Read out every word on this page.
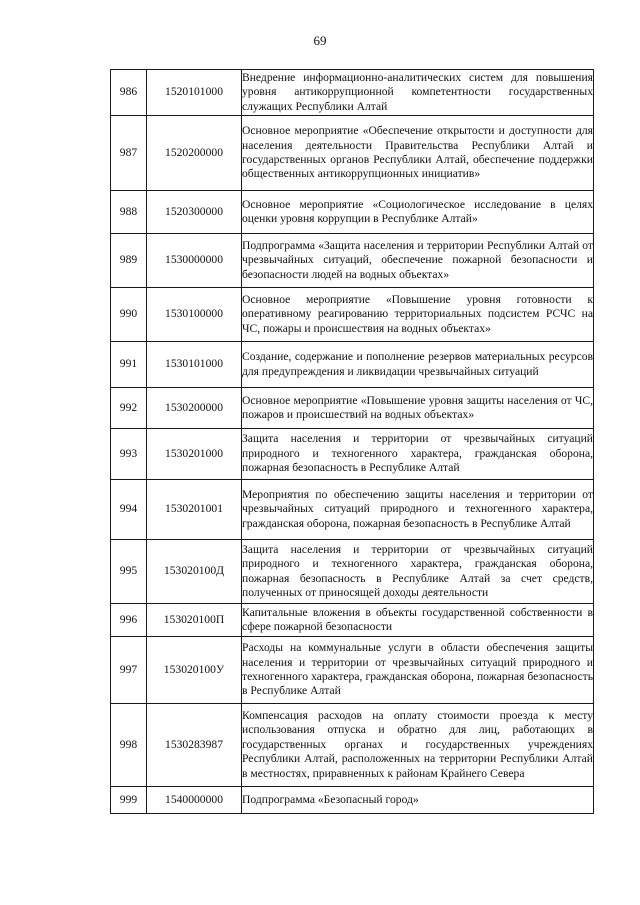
69
986	1520101000	Внедрение информационно-аналитических систем для повышения уровня антикоррупционной компетентности государственных служащих Республики Алтай
987	1520200000	Основное мероприятие «Обеспечение открытости и доступности для населения деятельности Правительства Республики Алтай и государственных органов Республики Алтай, обеспечение поддержки общественных антикоррупционных инициатив»
988	1520300000	Основное мероприятие «Социологическое исследование в целях оценки уровня коррупции в Республике Алтай»
989	1530000000	Подпрограмма «Защита населения и территории Республики Алтай от чрезвычайных ситуаций, обеспечение пожарной безопасности и безопасности людей на водных объектах»
990	1530100000	Основное мероприятие «Повышение уровня готовности к оперативному реагированию территориальных подсистем РСЧС на ЧС, пожары и происшествия на водных объектах»
991	1530101000	Создание, содержание и пополнение резервов материальных ресурсов для предупреждения и ликвидации чрезвычайных ситуаций
992	1530200000	Основное мероприятие «Повышение уровня защиты населения от ЧС, пожаров и происшествий на водных объектах»
993	1530201000	Защита населения и территории от чрезвычайных ситуаций природного и техногенного характера, гражданская оборона, пожарная безопасность в Республике Алтай
994	1530201001	Мероприятия по обеспечению защиты населения и территории от чрезвычайных ситуаций природного и техногенного характера, гражданская оборона, пожарная безопасность в Республике Алтай
995	153020100Д	Защита населения и территории от чрезвычайных ситуаций природного и техногенного характера, гражданская оборона, пожарная безопасность в Республике Алтай за счет средств, полученных от приносящей доходы деятельности
996	153020100П	Капитальные вложения в объекты государственной собственности в сфере пожарной безопасности
997	153020100У	Расходы на коммунальные услуги в области обеспечения защиты населения и территории от чрезвычайных ситуаций природного и техногенного характера, гражданская оборона, пожарная безопасность в Республике Алтай
998	1530283987	Компенсация расходов на оплату стоимости проезда к месту использования отпуска и обратно для лиц, работающих в государственных органах и государственных учреждениях Республики Алтай, расположенных на территории Республики Алтай в местностях, приравненных к районам Крайнего Севера
999	1540000000	Подпрограмма «Безопасный город»
